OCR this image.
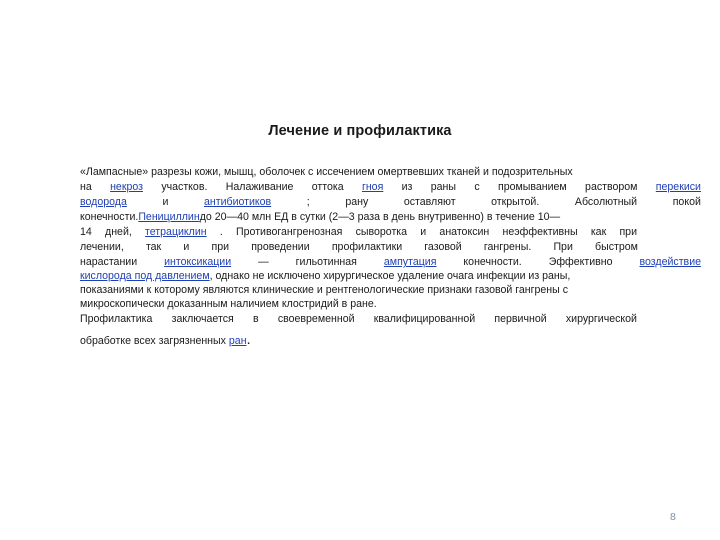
Лечение и профилактика
«Лампасные» разрезы кожи, мышц, оболочек с иссечением омертвевших тканей и подозрительных
на некроз участков. Налаживание оттока гноя из раны с промыванием раствором перекиси
водорода	и	антибиотиков	;	рану	оставляют	открытой.	Абсолютный	покой
конечности.Пенициллиндо 20—40 млн ЕД в сутки (2—3 раза в день внутривенно) в течение 10—
14 дней, тетрациклин . Противогангренозная сыворотка и анатоксин неэффективны как при
лечении, так и при проведении профилактики газовой гангрены. При быстром
нарастании	интоксикации	—	гильотинная	ампутация	конечности.	Эффективно	воздействие
кислорода под давлением, однако не исключено хирургическое удаление очага инфекции из раны,
показаниями к которому являются клинические и рентгенологические признаки газовой гангрены с
микроскопически доказанным наличием клостридий в ране.
Профилактика заключается в своевременной квалифицированной первичной хирургической
обработке всех загрязненных ран.
8
